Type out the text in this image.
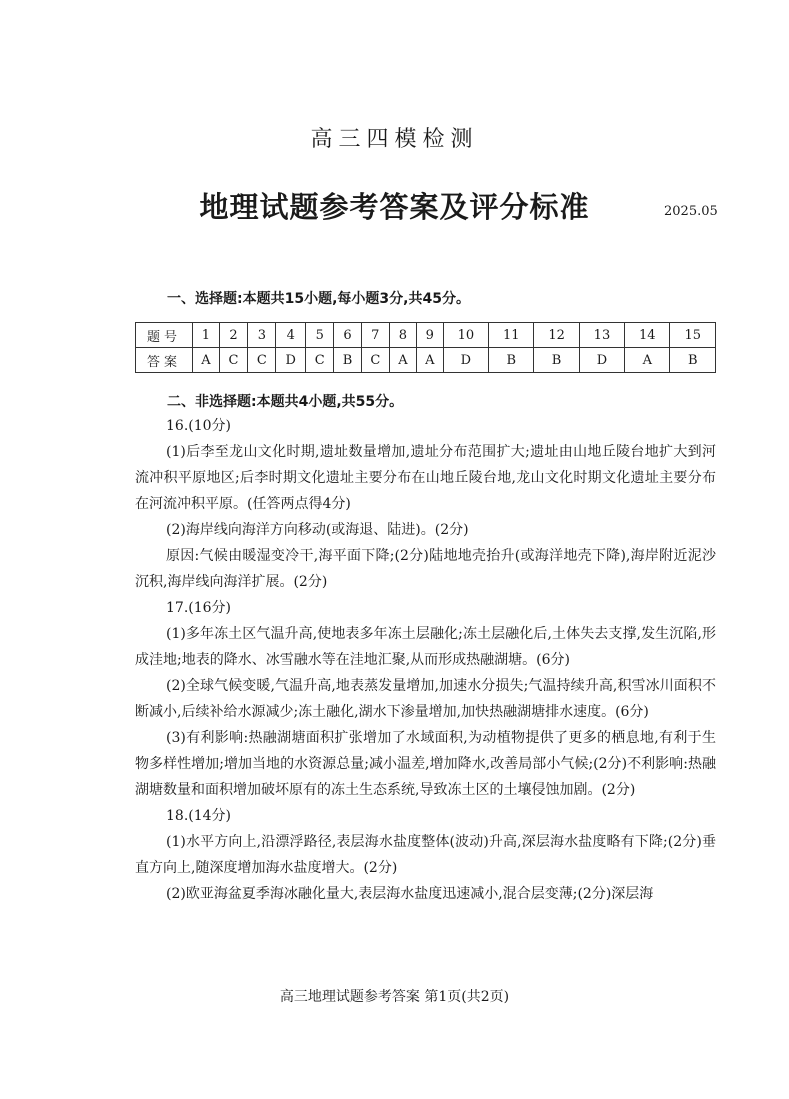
高三四模检测
地理试题参考答案及评分标准	2025.05
一、选择题:本题共15小题,每小题3分,共45分。
题号	1	2	3	4	5	6	7	8	9	10	11	12	13	14	15
答案	A	C	C	D	C	B	C	A	A	D	B	B	D	A	B
二、非选择题:本题共4小题,共55分。

16.(10分)

(1)后李至龙山文化时期,遗址数量增加,遗址分布范围扩大;遗址由山地丘陵台地扩大到河流冲积平原地区;后李时期文化遗址主要分布在山地丘陵台地,龙山文化时期文化遗址主要分布在河流冲积平原。(任答两点得4分)

(2)海岸线向海洋方向移动(或海退、陆进)。(2分)

原因:气候由暖湿变冷干,海平面下降;(2分)陆地地壳抬升(或海洋地壳下降),海岸附近泥沙沉积,海岸线向海洋扩展。(2分)

17.(16分)

(1)多年冻土区气温升高,使地表多年冻土层融化;冻土层融化后,土体失去支撑,发生沉陷,形成洼地;地表的降水、冰雪融水等在洼地汇聚,从而形成热融湖塘。(6分)

(2)全球气候变暖,气温升高,地表蒸发量增加,加速水分损失;气温持续升高,积雪冰川面积不断减小,后续补给水源减少;冻土融化,湖水下渗量增加,加快热融湖塘排水速度。(6分)

(3)有利影响:热融湖塘面积扩张增加了水域面积,为动植物提供了更多的栖息地,有利于生物多样性增加;增加当地的水资源总量;减小温差,增加降水,改善局部小气候;(2分)不利影响:热融湖塘数量和面积增加破坏原有的冻土生态系统,导致冻土区的土壤侵蚀加剧。(2分)

18.(14分)

(1)水平方向上,沿漂浮路径,表层海水盐度整体(波动)升高,深层海水盐度略有下降;(2分)垂直方向上,随深度增加海水盐度增大。(2分)

(2)欧亚海盆夏季海冰融化量大,表层海水盐度迅速减小,混合层变薄;(2分)深层海

高三地理试题参考答案 第1页(共2页)
